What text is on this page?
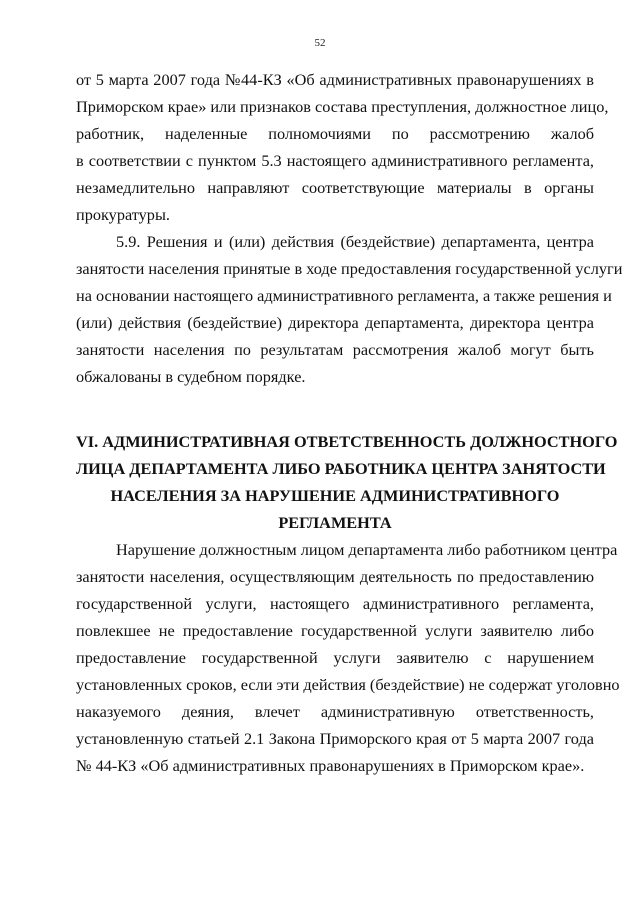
52
от 5 марта 2007 года №44-КЗ «Об административных правонарушениях в
Приморском крае» или признаков состава преступления, должностное лицо,
работник, наделенные полномочиями по рассмотрению жалоб
в соответствии с пунктом 5.3 настоящего административного регламента,
незамедлительно направляют соответствующие материалы в органы
прокуратуры.
5.9. Решения и (или) действия (бездействие) департамента, центра
занятости населения принятые в ходе предоставления государственной услуги
на основании настоящего административного регламента, а также решения и
(или) действия (бездействие) директора департамента, директора центра
занятости населения по результатам рассмотрения жалоб могут быть
обжалованы в судебном порядке.
VI. АДМИНИСТРАТИВНАЯ ОТВЕТСТВЕННОСТЬ ДОЛЖНОСТНОГО
ЛИЦА ДЕПАРТАМЕНТА ЛИБО РАБОТНИКА ЦЕНТРА ЗАНЯТОСТИ
НАСЕЛЕНИЯ ЗА НАРУШЕНИЕ АДМИНИСТРАТИВНОГО
РЕГЛАМЕНТА
Нарушение должностным лицом департамента либо работником центра
занятости населения, осуществляющим деятельность по предоставлению
государственной услуги, настоящего административного регламента,
повлекшее не предоставление государственной услуги заявителю либо
предоставление государственной услуги заявителю с нарушением
установленных сроков, если эти действия (бездействие) не содержат уголовно
наказуемого деяния, влечет административную ответственность,
установленную статьей 2.1 Закона Приморского края от 5 марта 2007 года
№ 44-КЗ «Об административных правонарушениях в Приморском крае».
